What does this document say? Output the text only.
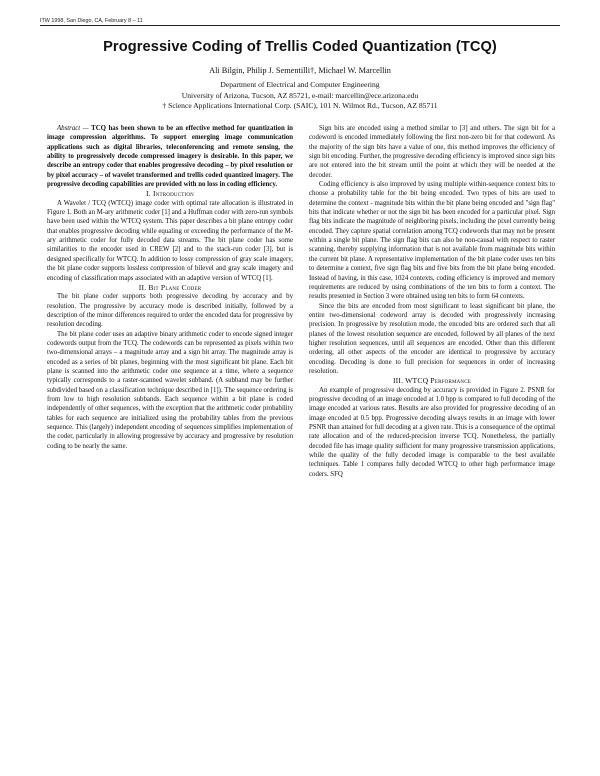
ITW 1998, San Diego, CA, February 8 – 11
Progressive Coding of Trellis Coded Quantization (TCQ)
Ali Bilgin, Philip J. Sementilli†, Michael W. Marcellin
Department of Electrical and Computer Engineering
University of Arizona, Tucson, AZ 85721, e-mail: marcellin@ece.arizona.edu
† Science Applications International Corp. (SAIC), 101 N. Wilmot Rd., Tucson, AZ 85711

Abstract — TCQ has been shown to be an effective method for quantization in image compression algorithms. To support emerging image communication applications such as digital libraries, teleconferencing and remote sensing, the ability to progressively decode compressed imagery is desirable. In this paper, we describe an entropy coder that enables progressive decoding – by pixel resolution or by pixel accuracy – of wavelet transformed and trellis coded quantized imagery. The progressive decoding capabilities are provided with no loss in coding efficiency.

I. Introduction

A Wavelet / TCQ (WTCQ) image coder with optimal rate allocation is illustrated in Figure 1. Both an M-ary arithmetic coder [1] and a Huffman coder with zero-run symbols have been used within the WTCQ system. This paper describes a bit plane entropy coder that enables progressive decoding while equaling or exceeding the performance of the M-ary arithmetic coder for fully decoded data streams. The bit plane coder has some similarities to the encoder used in CREW [2] and to the stack-run coder [3], but is designed specifically for WTCQ. In addition to lossy compression of gray scale imagery, the bit plane coder supports lossless compression of bilevel and gray scale imagery and encoding of classification maps associated with an adaptive version of WTCQ [1].

II. Bit Plane Coder

The bit plane coder supports both progressive decoding by accuracy and by resolution. The progressive by accuracy mode is described initially, followed by a description of the minor differences required to order the encoded data for progressive by resolution decoding.

The bit plane coder uses an adaptive binary arithmetic coder to encode signed integer codewords output from the TCQ. The codewords can be represented as pixels within two two-dimensional arrays – a magnitude array and a sign bit array. The magnitude array is encoded as a series of bit planes, beginning with the most significant bit plane. Each bit plane is scanned into the arithmetic coder one sequence at a time, where a sequence typically corresponds to a raster-scanned wavelet subband. (A subband may be further subdivided based on a classification technique described in [1]). The sequence ordering is from low to high resolution subbands. Each sequence within a bit plane is coded independently of other sequences, with the exception that the arithmetic coder probability tables for each sequence are initialized using the probability tables from the previous sequence. This (largely) independent encoding of sequences simplifies implementation of the coder, particularly in allowing progressive by accuracy and progressive by resolution coding to be nearly the same.

Sign bits are encoded using a method similar to [3] and others. The sign bit for a codeword is encoded immediately following the first non-zero bit for that codeword. As the majority of the sign bits have a value of one, this method improves the efficiency of sign bit encoding. Further, the progressive decoding efficiency is improved since sign bits are not entered into the bit stream until the point at which they will be needed at the decoder.

Coding efficiency is also improved by using multiple within-sequence context bits to choose a probability table for the bit being encoded. Two types of bits are used to determine the context - magnitude bits within the bit plane being encoded and "sign flag" bits that indicate whether or not the sign bit has been encoded for a particular pixel. Sign flag bits indicate the magnitude of neighboring pixels, including the pixel currently being encoded. They capture spatial correlation among TCQ codewords that may not be present within a single bit plane. The sign flag bits can also be non-causal with respect to raster scanning, thereby supplying information that is not available from magnitude bits within the current bit plane. A representative implementation of the bit plane coder uses ten bits to determine a context, five sign flag bits and five bits from the bit plane being encoded. Instead of having, in this case, 1024 contexts, coding efficiency is improved and memory requirements are reduced by using combinations of the ten bits to form a context. The results presented in Section 3 were obtained using ten bits to form 64 contexts.

Since the bits are encoded from most significant to least significant bit plane, the entire two-dimensional codeword array is decoded with progressively increasing precision. In progressive by resolution mode, the encoded bits are ordered such that all planes of the lowest resolution sequence are encoded, followed by all planes of the next higher resolution sequences, until all sequences are encoded. Other than this different ordering, all other aspects of the encoder are identical to progressive by accuracy encoding. Decoding is done to full precision for sequences in order of increasing resolution.

III. WTCQ Performance

An example of progressive decoding by accuracy is provided in Figure 2. PSNR for progressive decoding of an image encoded at 1.0 bpp is compared to full decoding of the image encoded at various rates. Results are also provided for progressive decoding of an image encoded at 0.5 bpp. Progressive decoding always results in an image with lower PSNR than attained for full decoding at a given rate. This is a consequence of the optimal rate allocation and of the reduced-precision inverse TCQ. Nonetheless, the partially decoded file has image quality sufficient for many progressive transmission applications, while the quality of the fully decoded image is comparable to the best available techniques. Table 1 compares fully decoded WTCQ to other high performance image coders. SFQ
